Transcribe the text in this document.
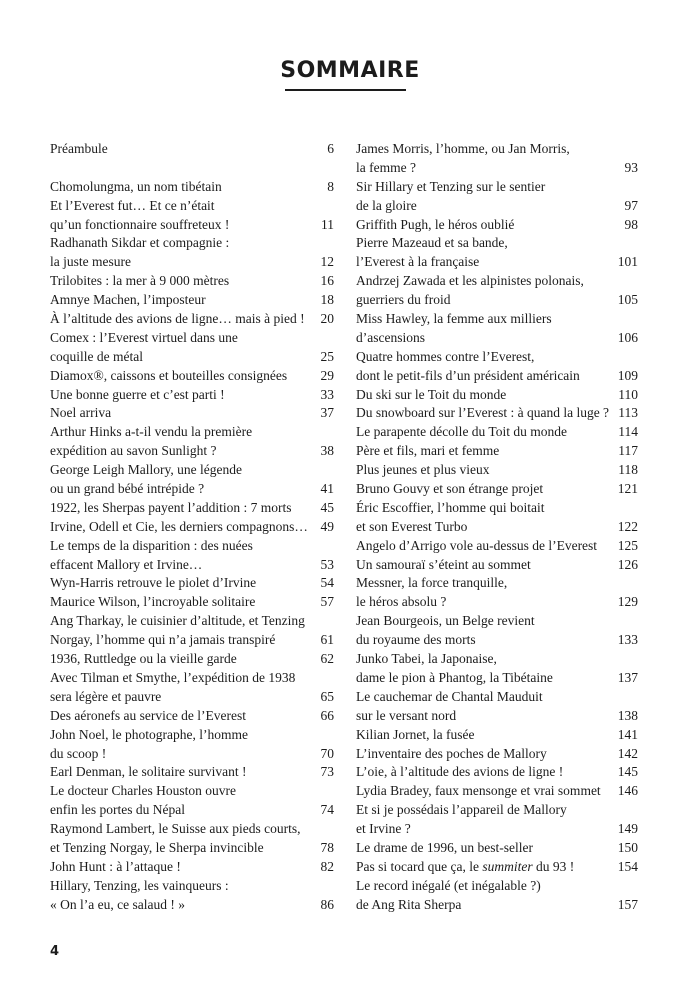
SOMMAIRE
Préambule	6
Chomolungma, un nom tibétain	8
Et l’Everest fut… Et ce n’était
qu’un fonctionnaire souffreteux !	11
Radhanath Sikdar et compagnie :
la juste mesure	12
Trilobites : la mer à 9 000 mètres	16
Amnye Machen, l’imposteur	18
À l’altitude des avions de ligne… mais à pied !	20
Comex : l’Everest virtuel dans une
coquille de métal	25
Diamox®, caissons et bouteilles consignées	29
Une bonne guerre et c’est parti !	33
Noel arriva	37
Arthur Hinks a-t-il vendu la première
expédition au savon Sunlight ?	38
George Leigh Mallory, une légende
ou un grand bébé intrépide ?	41
1922, les Sherpas payent l’addition : 7 morts	45
Irvine, Odell et Cie, les derniers compagnons… 49
Le temps de la disparition : des nuées
effacent Mallory et Irvine…	53
Wyn-Harris retrouve le piolet d’Irvine	54
Maurice Wilson, l’incroyable solitaire	57
Ang Tharkay, le cuisinier d’altitude, et Tenzing
Norgay, l’homme qui n’a jamais transpiré	61
1936, Ruttledge ou la vieille garde	62
Avec Tilman et Smythe, l’expédition de 1938
sera légère et pauvre	65
Des aéronefs au service de l’Everest	66
John Noel, le photographe, l’homme
du scoop !	70
Earl Denman, le solitaire survivant !	73
Le docteur Charles Houston ouvre
enfin les portes du Népal	74
Raymond Lambert, le Suisse aux pieds courts,
et Tenzing Norgay, le Sherpa invincible	78
John Hunt : à l’attaque !	82
Hillary, Tenzing, les vainqueurs :
« On l’a eu, ce salaud ! »	86
James Morris, l’homme, ou Jan Morris,
la femme ?	93
Sir Hillary et Tenzing sur le sentier
de la gloire	97
Griffith Pugh, le héros oublié	98
Pierre Mazeaud et sa bande,
l’Everest à la française	101
Andrzej Zawada et les alpinistes polonais,
guerriers du froid	105
Miss Hawley, la femme aux milliers
d’ascensions	106
Quatre hommes contre l’Everest,
dont le petit-fils d’un président américain	109
Du ski sur le Toit du monde	110
Du snowboard sur l’Everest : à quand la luge ? 113
Le parapente décolle du Toit du monde	114
Père et fils, mari et femme	117
Plus jeunes et plus vieux	118
Bruno Gouvy et son étrange projet	121
Éric Escoffier, l’homme qui boitait
et son Everest Turbo	122
Angelo d’Arrigo vole au-dessus de l’Everest	125
Un samouraï s’éteint au sommet	126
Messner, la force tranquille,
le héros absolu ?	129
Jean Bourgeois, un Belge revient
du royaume des morts	133
Junko Tabei, la Japonaise,
dame le pion à Phantog, la Tibétaine	137
Le cauchemar de Chantal Mauduit
sur le versant nord	138
Kilian Jornet, la fusée	141
L’inventaire des poches de Mallory	142
L’oie, à l’altitude des avions de ligne !	145
Lydia Bradey, faux mensonge et vrai sommet	146
Et si je possédais l’appareil de Mallory
et Irvine ?	149
Le drame de 1996, un best-seller	150
Pas si tocard que ça, le summiter du 93 !	154
Le record inégalé (et inégalable ?)
de Ang Rita Sherpa	157
4
